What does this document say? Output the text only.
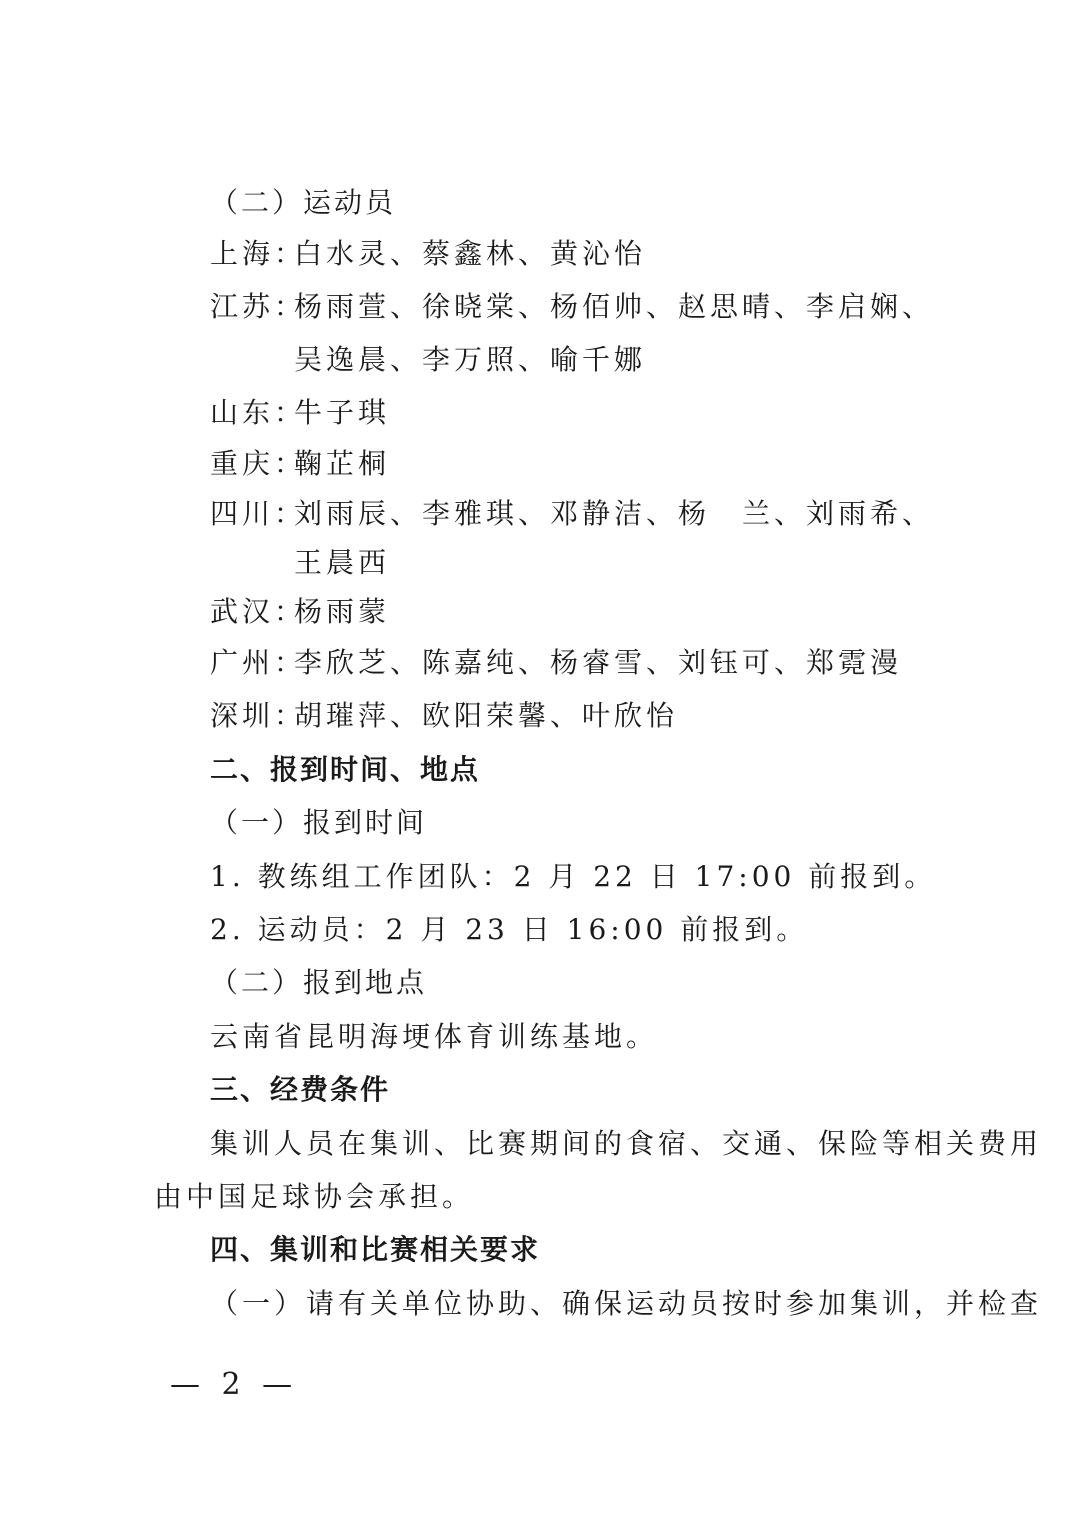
（二）运动员
上海：
白水灵、蔡鑫林、黄沁怡
江苏：
杨雨萱、徐晓棠、杨佰帅、赵思晴、李启娴、
吴逸晨、李万照、喻千娜
山东：
牛子琪
重庆：
鞠芷桐
四川：
刘雨辰、李雅琪、邓静洁、杨　兰、刘雨希、
王晨西
武汉：
杨雨蒙
广州：
李欣芝、陈嘉纯、杨睿雪、刘钰可、郑霓漫
深圳：
胡璀萍、欧阳荣馨、叶欣怡
二、报到时间、地点
（一）报到时间
1. 教练组工作团队：2 月 22 日 17:00 前报到。
2. 运动员：2 月 23 日 16:00 前报到。
（二）报到地点
云南省昆明海埂体育训练基地。
三、经费条件
集训人员在集训、比赛期间的食宿、交通、保险等相关费用
由中国足球协会承担。
四、集训和比赛相关要求
（一）请有关单位协助、确保运动员按时参加集训，并检查
— 2 —
